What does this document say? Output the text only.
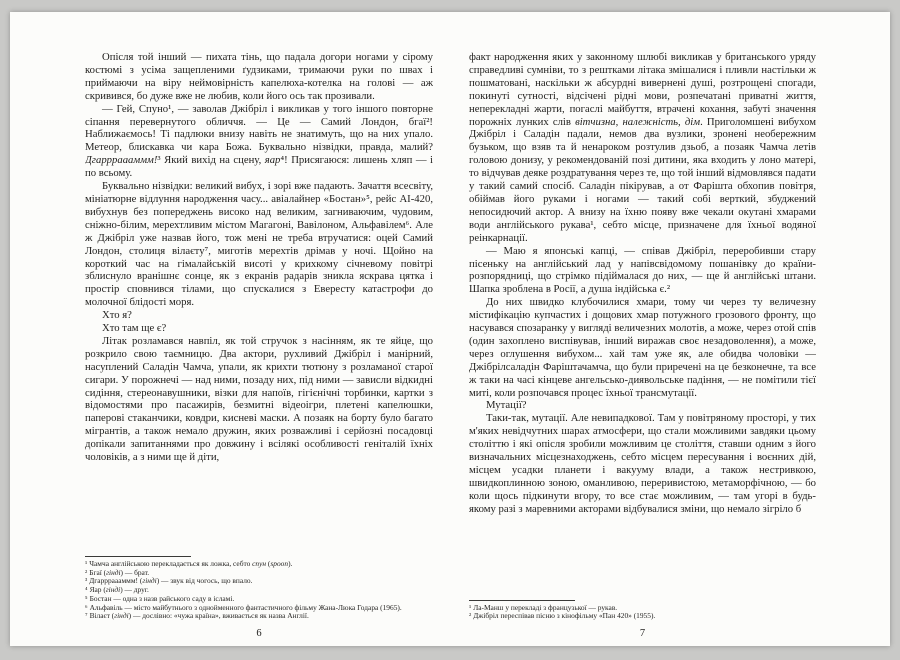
Опісля той інший — пихата тінь, що падала догори ногами у сірому костюмі з усіма защепленими ґудзиками, тримаючи руки по швах і приймаючи на віру неймовірність капелюха-котелка на голові — аж скривився, бо дуже вже не любив, коли його ось так прозивали.

— Гей, Спуно¹, — заволав Джібріл і викликав у того іншого повторне сіпання перевернутого обличчя. — Це — Самий Лондон, бгаї²! Наближаємось! Ті падлюки внизу навіть не знатимуть, що на них упало. Метеор, блискавка чи кара Божа. Буквально нізвідки, правда, малий? Дгаррраааммм!³ Який вихід на сцену, яар⁴! Присягаюся: лишень хляп — і по всьому.

Буквально нізвідки: великий вибух, і зорі вже падають. Зачаття всесвіту, мініатюрне відлуння народження часу... авіалайнер «Бостан»⁵, рейс АІ-420, вибухнув без попереджень високо над великим, загниваючим, чудовим, сніжно-білим, мерехтливим містом Магагоні, Вавілоном, Альфавілем⁶. Але ж Джібріл уже назвав його, тож мені не треба втручатися: оцей Самий Лондон, столиця вілаєту⁷, миготів мерехтів дрімав у ночі. Щойно на короткий час на гімалайській висоті у крихкому січневому повітрі зблиснуло вранішнє сонце, як з екранів радарів зникла яскрава цятка і простір сповнився тілами, що спускалися з Евересту катастрофи до молочної блідості моря.

Хто я?

Хто там ще є?

Літак розламався навпіл, як той стручок з насінням, як те яйце, що розкрило свою таємницю. Два актори, рухливий Джібріл і манірний, насуплений Саладін Чамча, упали, як крихти тютюну з розламаної старої сигари. У порожнечі — над ними, позаду них, під ними — зависли відкидні сидіння, стереонавушники, візки для напоїв, гігієнічні торбинки, картки з відомостями про пасажирів, безмитні відеоігри, плетені капелюшки, паперові стаканчики, ковдри, кисневі маски. А позаяк на борту було багато мігрантів, а також немало дружин, яких розважливі і серйозні посадовці допікали запитаннями про довжину і всілякі особливості геніталій їхніх чоловіків, а з ними ще й діти,

¹ Чамча англійською перекладається як ложка, себто спун (spoon).
² Бгаї (гінді) — брат.
³ Дгаррраааммм! (гінді) — звук від чогось, що впало.
⁴ Яар (гінді) — друг.
⁵ Бостан — одна з назв райського саду в ісламі.
⁶ Альфавіль — місто майбутнього з однойменного фантастичного фільму Жана-Люка Годара (1965).
⁷ Вілаєт (гінді) — дослівно: «чужа країна», вживається як назва Англії.
6

факт народження яких у законному шлюбі викликав у британського уряду справедливі сумніви, то з рештками літака змішалися і пливли настільки ж пошматовані, наскільки ж абсурдні вивернені душі, розтрощені спогади, покинуті сутності, відсічені рідні мови, розпечатані приватні життя, неперекладні жарти, погаслі майбуття, втрачені кохання, забуті значення порожніх лунких слів вітчизна, належність, дім. Приголомшені вибухом Джібріл і Саладін падали, немов два вузлики, зронені необережним бузьком, що взяв та й ненароком розтулив дзьоб, а позаяк Чамча летів головою донизу, у рекомендованій позі дитини, яка входить у лоно матері, то відчував деяке роздратування через те, що той інший відмовлявся падати у такий самий спосіб. Саладін пікірував, а от Фарішта обхопив повітря, обіймав його руками і ногами — такий собі верткий, збуджений непосидючий актор. А внизу на їхню появу вже чекали окутані хмарами води англійського рукава¹, себто місце, призначене для їхньої водяної реінкарнації.

— Маю я японські капці, — співав Джібріл, переробивши стару пісеньку на англійський лад у напівсвідомому пошанівку до країни-розпорядниці, що стрімко підіймалася до них, — ще й англійські штани. Шапка зроблена в Росії, а душа індійська є.²

До них швидко клубочилися хмари, тому чи через ту величезну містифікацію купчастих і дощових хмар потужного грозового фронту, що насувався спозаранку у вигляді величезних молотів, а може, через отой спів (один захоплено виспівував, інший виражав своє незадоволення), а може, через оглушення вибухом... хай там уже як, але обидва чоловіки — Джібрілсаладін Фаріштачамча, що були приречені на це безконечне, та все ж таки на часі кінцеве ангельсько-диявольське падіння, — не помітили тієї миті, коли розпочався процес їхньої трансмутації.

Мутації?

Таки-так, мутації. Але невипадкової. Там у повітряному просторі, у тих м'яких невідчутних шарах атмосфери, що стали можливими завдяки цьому століттю і які опісля зробили можливим це століття, ставши одним з його визначальних місцезнаходжень, себто місцем пересування і воєнних дій, місцем усадки планети і вакууму влади, а також нестривкою, швидкоплинною зоною, оманливою, переривистою, метаморфічною, — бо коли щось підкинути вгору, то все стає можливим, — там угорі в будь-якому разі з маревними акторами відбувалися зміни, що немало зігріло б

¹ Ла-Манш у перекладі з французької — рукав.
² Джібріл переспівав пісню з кінофільму «Пан 420» (1955).
7
